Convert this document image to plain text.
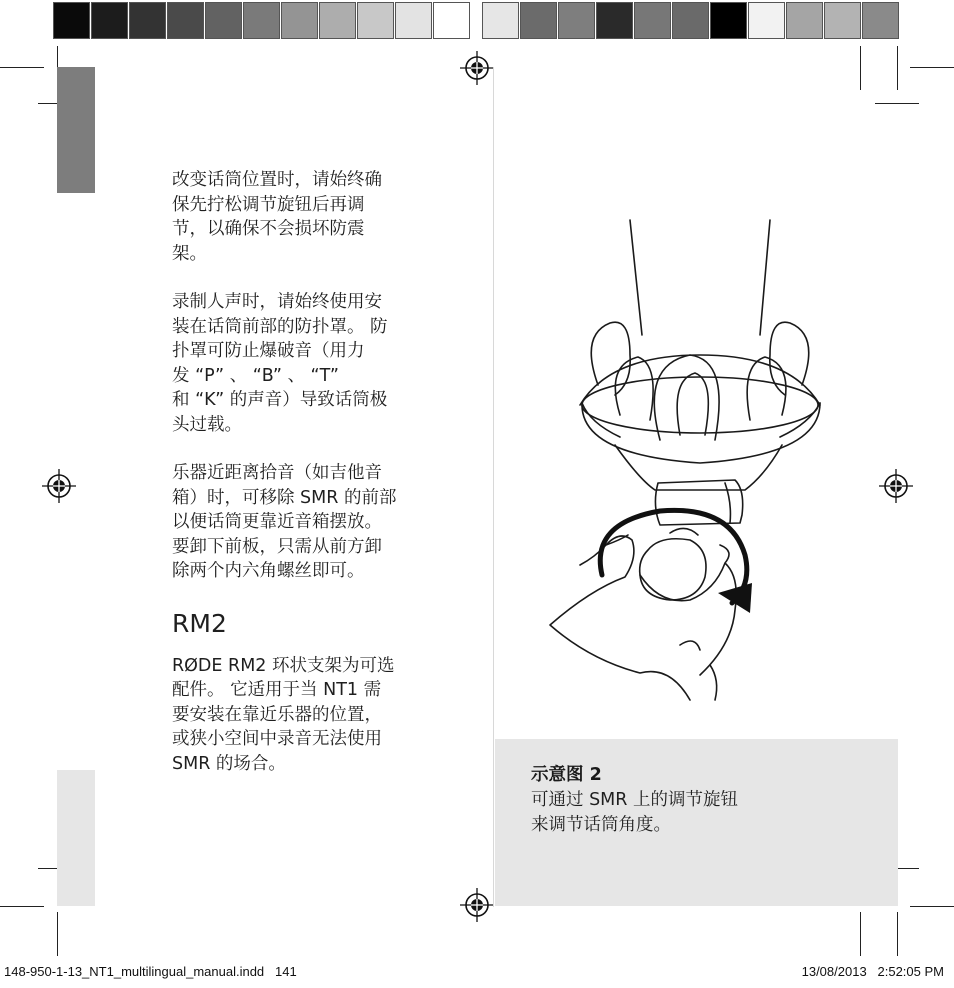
改变话筒位置时，请始终确
保先拧松调节旋钮后再调
节，以确保不会损坏防震
架。

录制人声时，请始终使用安
装在话筒前部的防扑罩。 防
扑罩可防止爆破音（用力
发 “P” 、 “B” 、 “T”
和 “K” 的声音）导致话筒极
头过载。

乐器近距离拾音（如吉他音
箱）时，可移除 SMR 的前部
以便话筒更靠近音箱摆放。
要卸下前板，只需从前方卸
除两个内六角螺丝即可。

RM2

RØDE RM2 环状支架为可选
配件。 它适用于当 NT1 需
要安装在靠近乐器的位置，
或狭小空间中录音无法使用
SMR 的场合。

示意图 2
可通过 SMR 上的调节旋钮
来调节话筒角度。
148-950-1-13_NT1_multilingual_manual.indd   141	13/08/2013   2:52:05 PM
